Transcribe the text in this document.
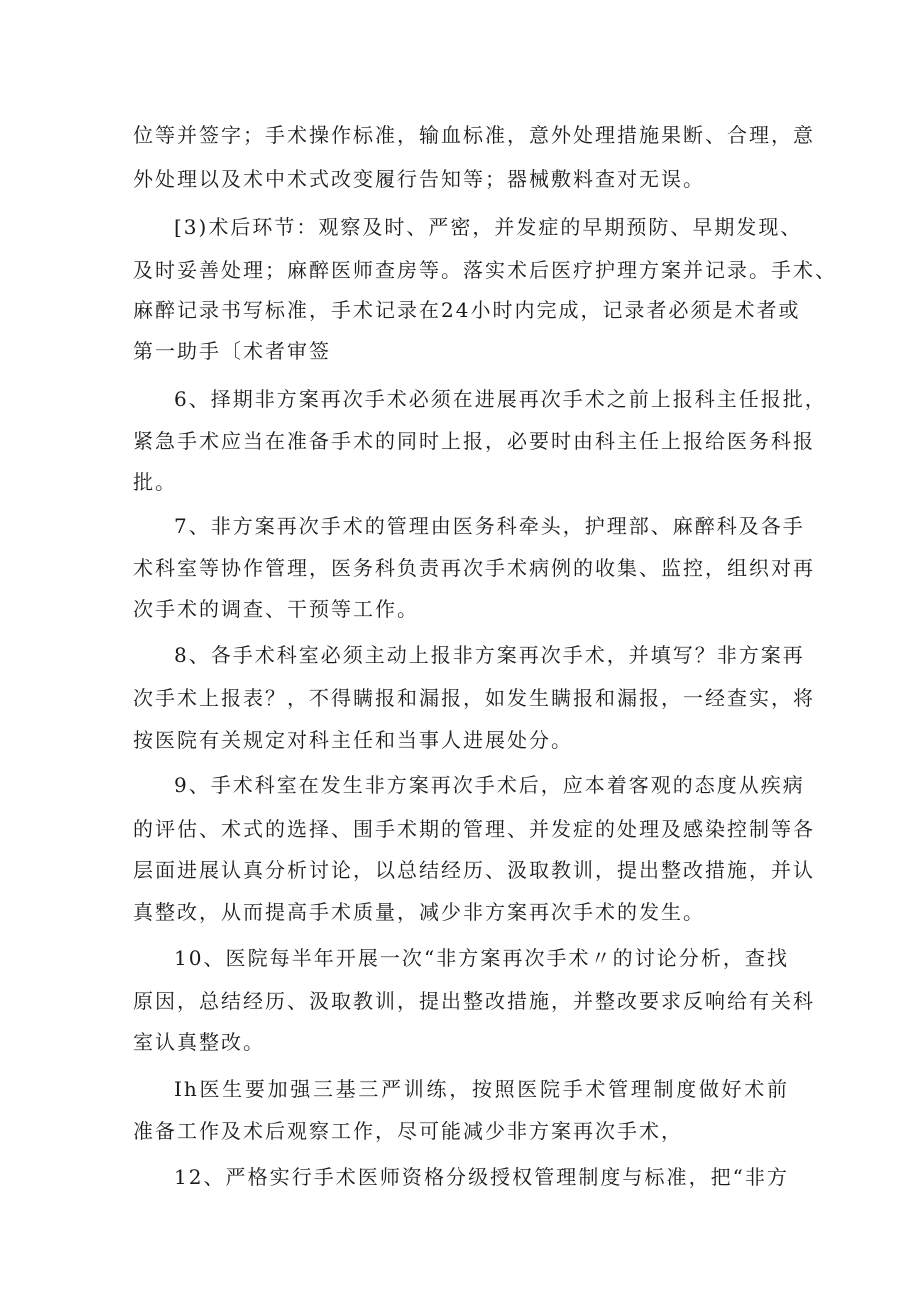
位等并签字；手术操作标准，输血标准，意外处理措施果断、合理，意
外处理以及术中术式改变履行告知等；器械敷料查对无误。
[3)术后环节：观察及时、严密，并发症的早期预防、早期发现、
及时妥善处理；麻醉医师查房等。落实术后医疗护理方案并记录。手术、
麻醉记录书写标准，手术记录在24小时内完成，记录者必须是术者或
第一助手〔术者审签
6、择期非方案再次手术必须在进展再次手术之前上报科主任报批，
紧急手术应当在准备手术的同时上报，必要时由科主任上报给医务科报
批。
7、非方案再次手术的管理由医务科牵头，护理部、麻醉科及各手
术科室等协作管理，医务科负责再次手术病例的收集、监控，组织对再
次手术的调查、干预等工作。
8、各手术科室必须主动上报非方案再次手术，并填写？非方案再
次手术上报表？，不得瞒报和漏报，如发生瞒报和漏报，一经查实，将
按医院有关规定对科主任和当事人进展处分。
9、手术科室在发生非方案再次手术后，应本着客观的态度从疾病
的评估、术式的选择、围手术期的管理、并发症的处理及感染控制等各
层面进展认真分析讨论，以总结经历、汲取教训，提出整改措施，并认
真整改，从而提高手术质量，减少非方案再次手术的发生。
10、医院每半年开展一次“非方案再次手术〃的讨论分析，查找
原因，总结经历、汲取教训，提出整改措施，并整改要求反响给有关科
室认真整改。
Ih医生要加强三基三严训练，按照医院手术管理制度做好术前
准备工作及术后观察工作，尽可能减少非方案再次手术，
12、严格实行手术医师资格分级授权管理制度与标准，把“非方
